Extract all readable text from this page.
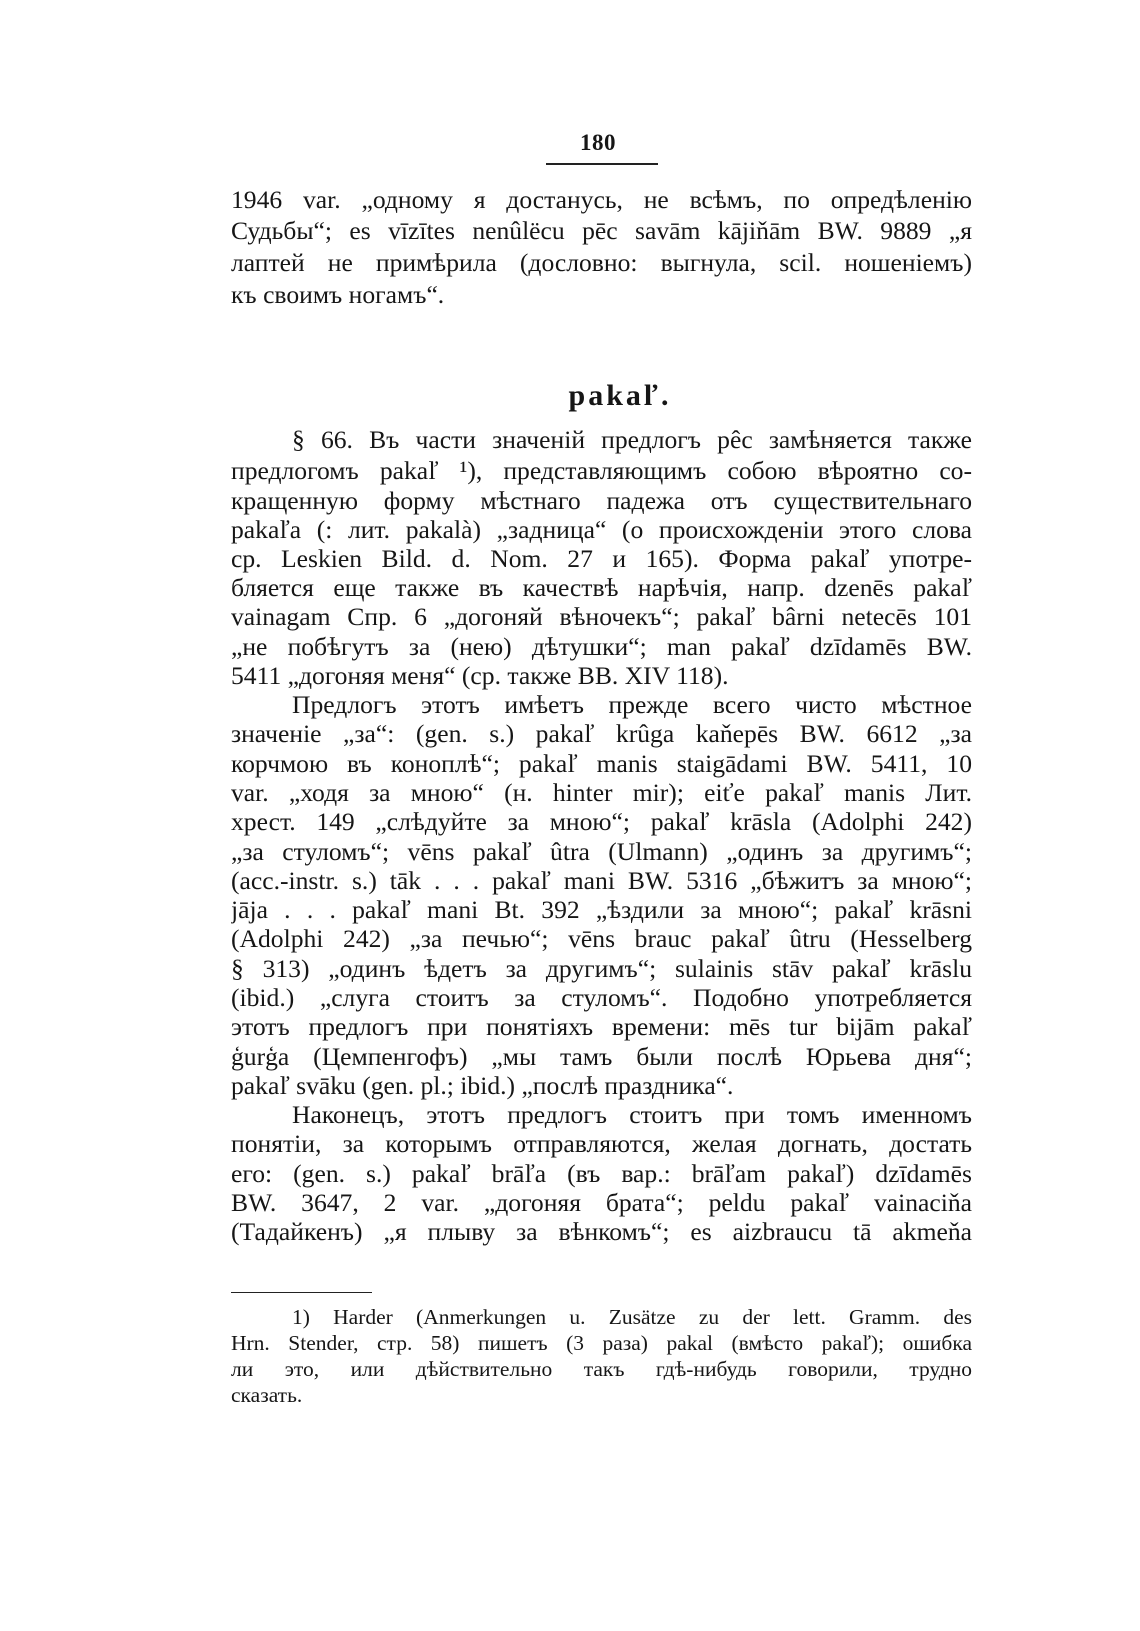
180
1946 var. „одному я достанусь, не всѣмъ, по опредѣленію
Судьбы“; es vīzītes nenûlëcu pēc savām kājiňām BW. 9889 „я
лаптей не примѣрила (дословно: выгнула, scil. ношеніемъ)
къ своимъ ногамъ“.
pakaľ.
§ 66. Въ части значеній предлогъ pêc замѣняется также
предлогомъ pakaľ ¹), представляющимъ собою вѣроятно со-
кращенную форму мѣстнаго падежа отъ существительнаго
pakaľa (: лит. pakalà) „задница“ (о происхожденіи этого слова
ср. Leskien Bild. d. Nom. 27 и 165). Форма pakaľ употре-
бляется еще также въ качествѣ нарѣчія, напр. dzenēs pakaľ
vainagam Спр. 6 „догоняй вѣночекъ“; pakaľ bârni netecēs 101
„не побѣгутъ за (нею) дѣтушки“; man pakaľ dzīdamēs BW.
5411 „догоняя меня“ (ср. также BB. XIV 118).
Предлогъ этотъ имѣетъ прежде всего чисто мѣстное
значеніе „за“: (gen. s.) pakaľ krûga kaňepēs BW. 6612 „за
корчмою въ коноплѣ“; pakaľ manis staigādami BW. 5411, 10
var. „ходя за мною“ (н. hinter mir); eiťe pakaľ manis Лит.
хрест. 149 „слѣдуйте за мною“; pakaľ krāsla (Adolphi 242)
„за стуломъ“; vēns pakaľ ûtra (Ulmann) „одинъ за другимъ“;
(acc.-instr. s.) tāk . . . pakaľ mani BW. 5316 „бѣжитъ за мною“;
jāja . . . pakaľ mani Bt. 392 „ѣздили за мною“; pakaľ krāsni
(Adolphi 242) „за печью“; vēns brauc pakaľ ûtru (Hesselberg
§ 313) „одинъ ѣдетъ за другимъ“; sulainis stāv pakaľ krāslu
(ibid.) „слуга стоитъ за стуломъ“. Подобно употребляется
этотъ предлогъ при понятіяхъ времени: mēs tur bijām pakaľ
ģurģa (Цемпенгофъ) „мы тамъ были послѣ Юрьева дня“;
pakaľ svāku (gen. pl.; ibid.) „послѣ праздника“.
Наконецъ, этотъ предлогъ стоитъ при томъ именномъ
понятіи, за которымъ отправляются, желая догнать, достать
его: (gen. s.) pakaľ brāľa (въ вар.: brāľam pakaľ) dzīdamēs
BW. 3647, 2 var. „догоняя брата“; peldu pakaľ vainaciňa
(Тадайкенъ) „я плыву за вѣнкомъ“; es aizbraucu tā akmeňa
1) Harder (Anmerkungen u. Zusätze zu der lett. Gramm. des
Hrn. Stender, стр. 58) пишетъ (3 раза) pakal (вмѣсто pakaľ); ошибка
ли это, или дѣйствительно такъ гдѣ-нибудь говорили, трудно
сказать.
